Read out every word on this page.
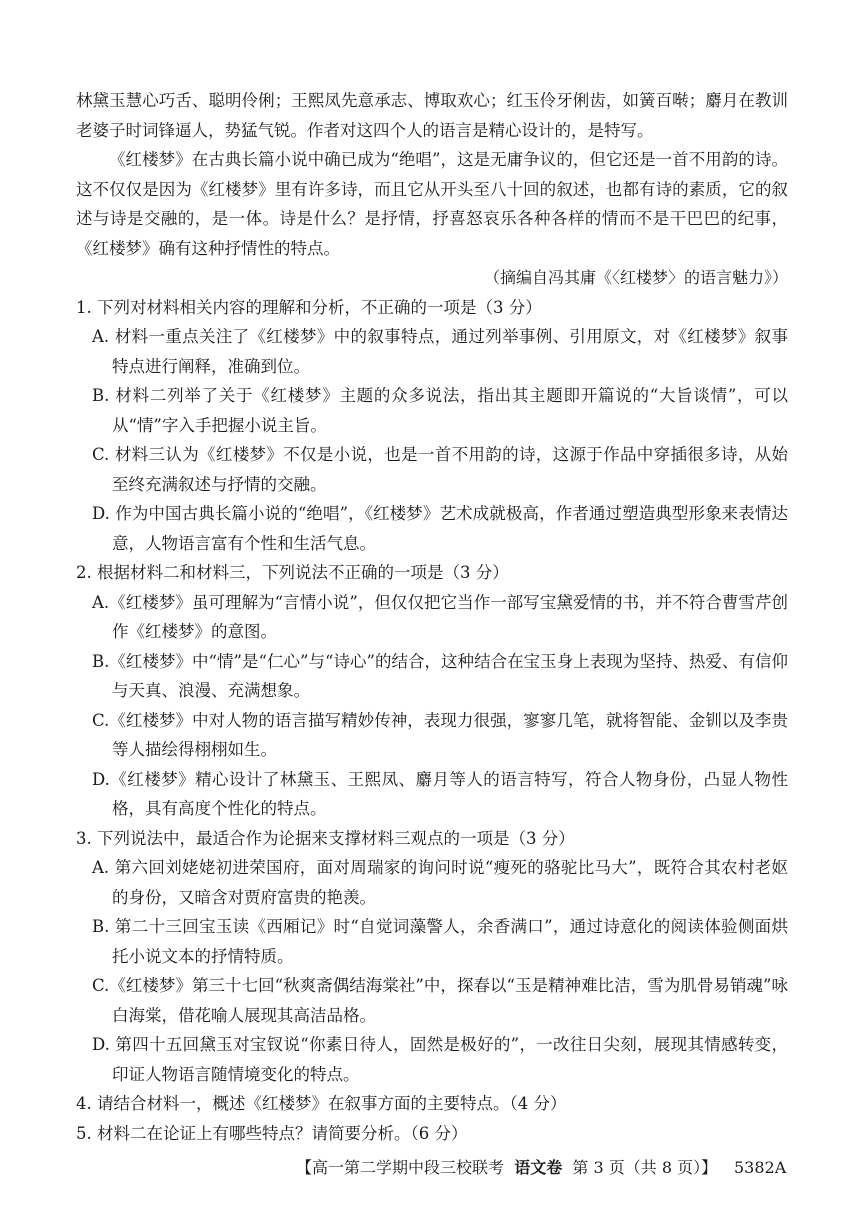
林黛玉慧心巧舌、聪明伶俐；王熙凤先意承志、博取欢心；红玉伶牙俐齿，如簧百啭；麝月在教训老婆子时词锋逼人，势猛气锐。作者对这四个人的语言是精心设计的，是特写。

《红楼梦》在古典长篇小说中确已成为“绝唱”，这是无庸争议的，但它还是一首不用韵的诗。这不仅仅是因为《红楼梦》里有许多诗，而且它从开头至八十回的叙述，也都有诗的素质，它的叙述与诗是交融的，是一体。诗是什么？是抒情，抒喜怒哀乐各种各样的情而不是干巴巴的纪事，《红楼梦》确有这种抒情性的特点。

（摘编自冯其庸《〈红楼梦〉的语言魅力》）

1. 下列对材料相关内容的理解和分析，不正确的一项是（3 分）

A. 材料一重点关注了《红楼梦》中的叙事特点，通过列举事例、引用原文，对《红楼梦》叙事特点进行阐释，准确到位。

B. 材料二列举了关于《红楼梦》主题的众多说法，指出其主题即开篇说的“大旨谈情”，可以从“情”字入手把握小说主旨。

C. 材料三认为《红楼梦》不仅是小说，也是一首不用韵的诗，这源于作品中穿插很多诗，从始至终充满叙述与抒情的交融。

D. 作为中国古典长篇小说的“绝唱”，《红楼梦》艺术成就极高，作者通过塑造典型形象来表情达意，人物语言富有个性和生活气息。

2. 根据材料二和材料三，下列说法不正确的一项是（3 分）

A.《红楼梦》虽可理解为“言情小说”，但仅仅把它当作一部写宝黛爱情的书，并不符合曹雪芹创作《红楼梦》的意图。

B.《红楼梦》中“情”是“仁心”与“诗心”的结合，这种结合在宝玉身上表现为坚持、热爱、有信仰与天真、浪漫、充满想象。

C.《红楼梦》中对人物的语言描写精妙传神，表现力很强，寥寥几笔，就将智能、金钏以及李贵等人描绘得栩栩如生。

D.《红楼梦》精心设计了林黛玉、王熙凤、麝月等人的语言特写，符合人物身份，凸显人物性格，具有高度个性化的特点。

3. 下列说法中，最适合作为论据来支撑材料三观点的一项是（3 分）

A. 第六回刘姥姥初进荣国府，面对周瑞家的询问时说“瘦死的骆驼比马大”，既符合其农村老妪的身份，又暗含对贾府富贵的艳羡。

B. 第二十三回宝玉读《西厢记》时“自觉词藻警人，余香满口”，通过诗意化的阅读体验侧面烘托小说文本的抒情特质。

C.《红楼梦》第三十七回“秋爽斋偶结海棠社”中，探春以“玉是精神难比洁，雪为肌骨易销魂”咏白海棠，借花喻人展现其高洁品格。

D. 第四十五回黛玉对宝钗说“你素日待人，固然是极好的”，一改往日尖刻，展现其情感转变，印证人物语言随情境变化的特点。

4. 请结合材料一，概述《红楼梦》在叙事方面的主要特点。（4 分）

5. 材料二在论证上有哪些特点？请简要分析。（6 分）

【高一第二学期中段三校联考 语文卷 第 3 页（共 8 页）】 5382A
